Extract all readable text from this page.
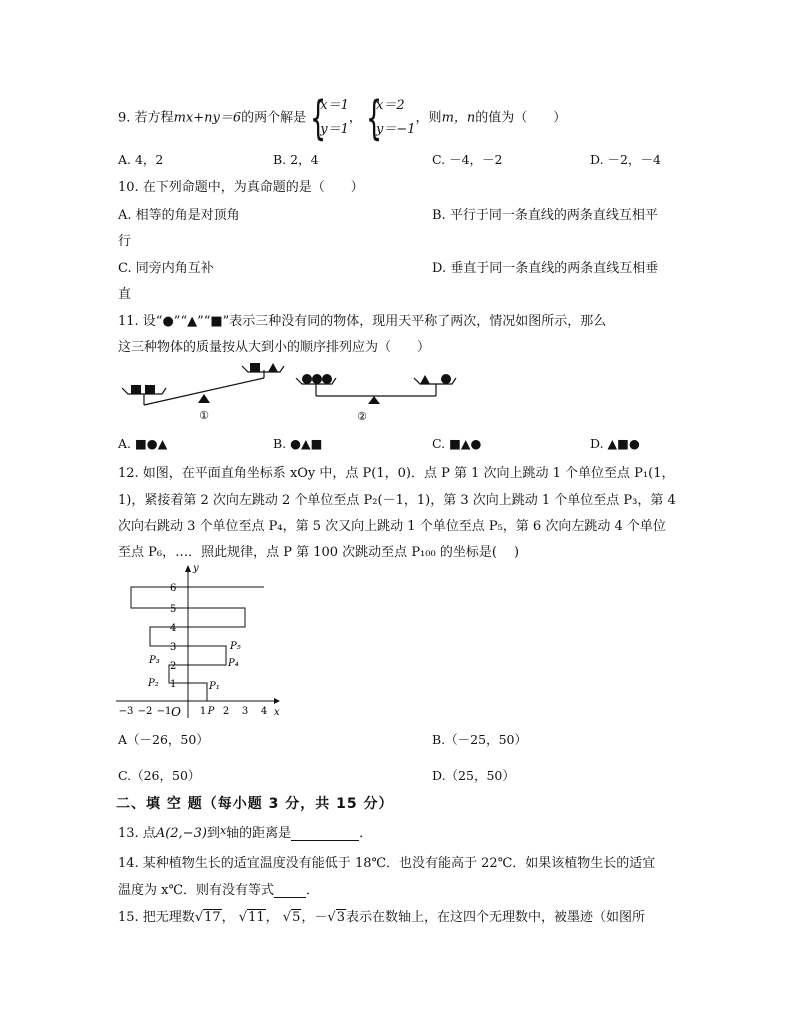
9. 若方程mx+ny＝6的两个解是 {
x＝1
y＝1， {
x＝2
y＝−1，则m，n的值为（　　）
A. 4，2	B. 2，4	C. －4，－2	D. －2，－4
10. 在下列命题中，为真命题的是（　　）
A. 相等的角是对顶角	B. 平行于同一条直线的两条直线互相平
行
C. 同旁内角互补	D. 垂直于同一条直线的两条直线互相垂
直
11. 设“●”“▲”“■”表示三种没有同的物体，现用天平称了两次，情况如图所示，那么
这三种物体的质量按从大到小的顺序排列应为（　　）
①	②
A. ■●▲	B. ●▲■	C. ■▲●	D. ▲■●
12. 如图，在平面直角坐标系 xOy 中，点 P(1，0)．点 P 第 1 次向上跳动 1 个单位至点 P₁(1，
1)，紧接着第 2 次向左跳动 2 个单位至点 P₂(－1，1)，第 3 次向上跳动 1 个单位至点 P₃，第 4
次向右跳动 3 个单位至点 P₄，第 5 次又向上跳动 1 个单位至点 P₅，第 6 次向左跳动 4 个单位
至点 P₆，…．照此规律，点 P 第 100 次跳动至点 P₁₀₀ 的坐标是(　 )
−3 −2 −1 O 1 P 2 3 4 x
1
2
3
4
5
6
y
P₁
P₂
P₃	P₄
P₅
A（－26，50）	B.（－25，50）
C.（26，50）	D.（25，50）
二、填 空 题（每小题 3 分，共 15 分）
13. 点A(2,−3)到$^x$轴的距离是	．
14. 某种植物生长的适宜温度没有能低于 18℃．也没有能高于 22℃．如果该植物生长的适宜
温度为 x℃．则有没有等式 ．
15. 把无理数√17， √11， √5，－√3表示在数轴上，在这四个无理数中，被墨迹（如图所
